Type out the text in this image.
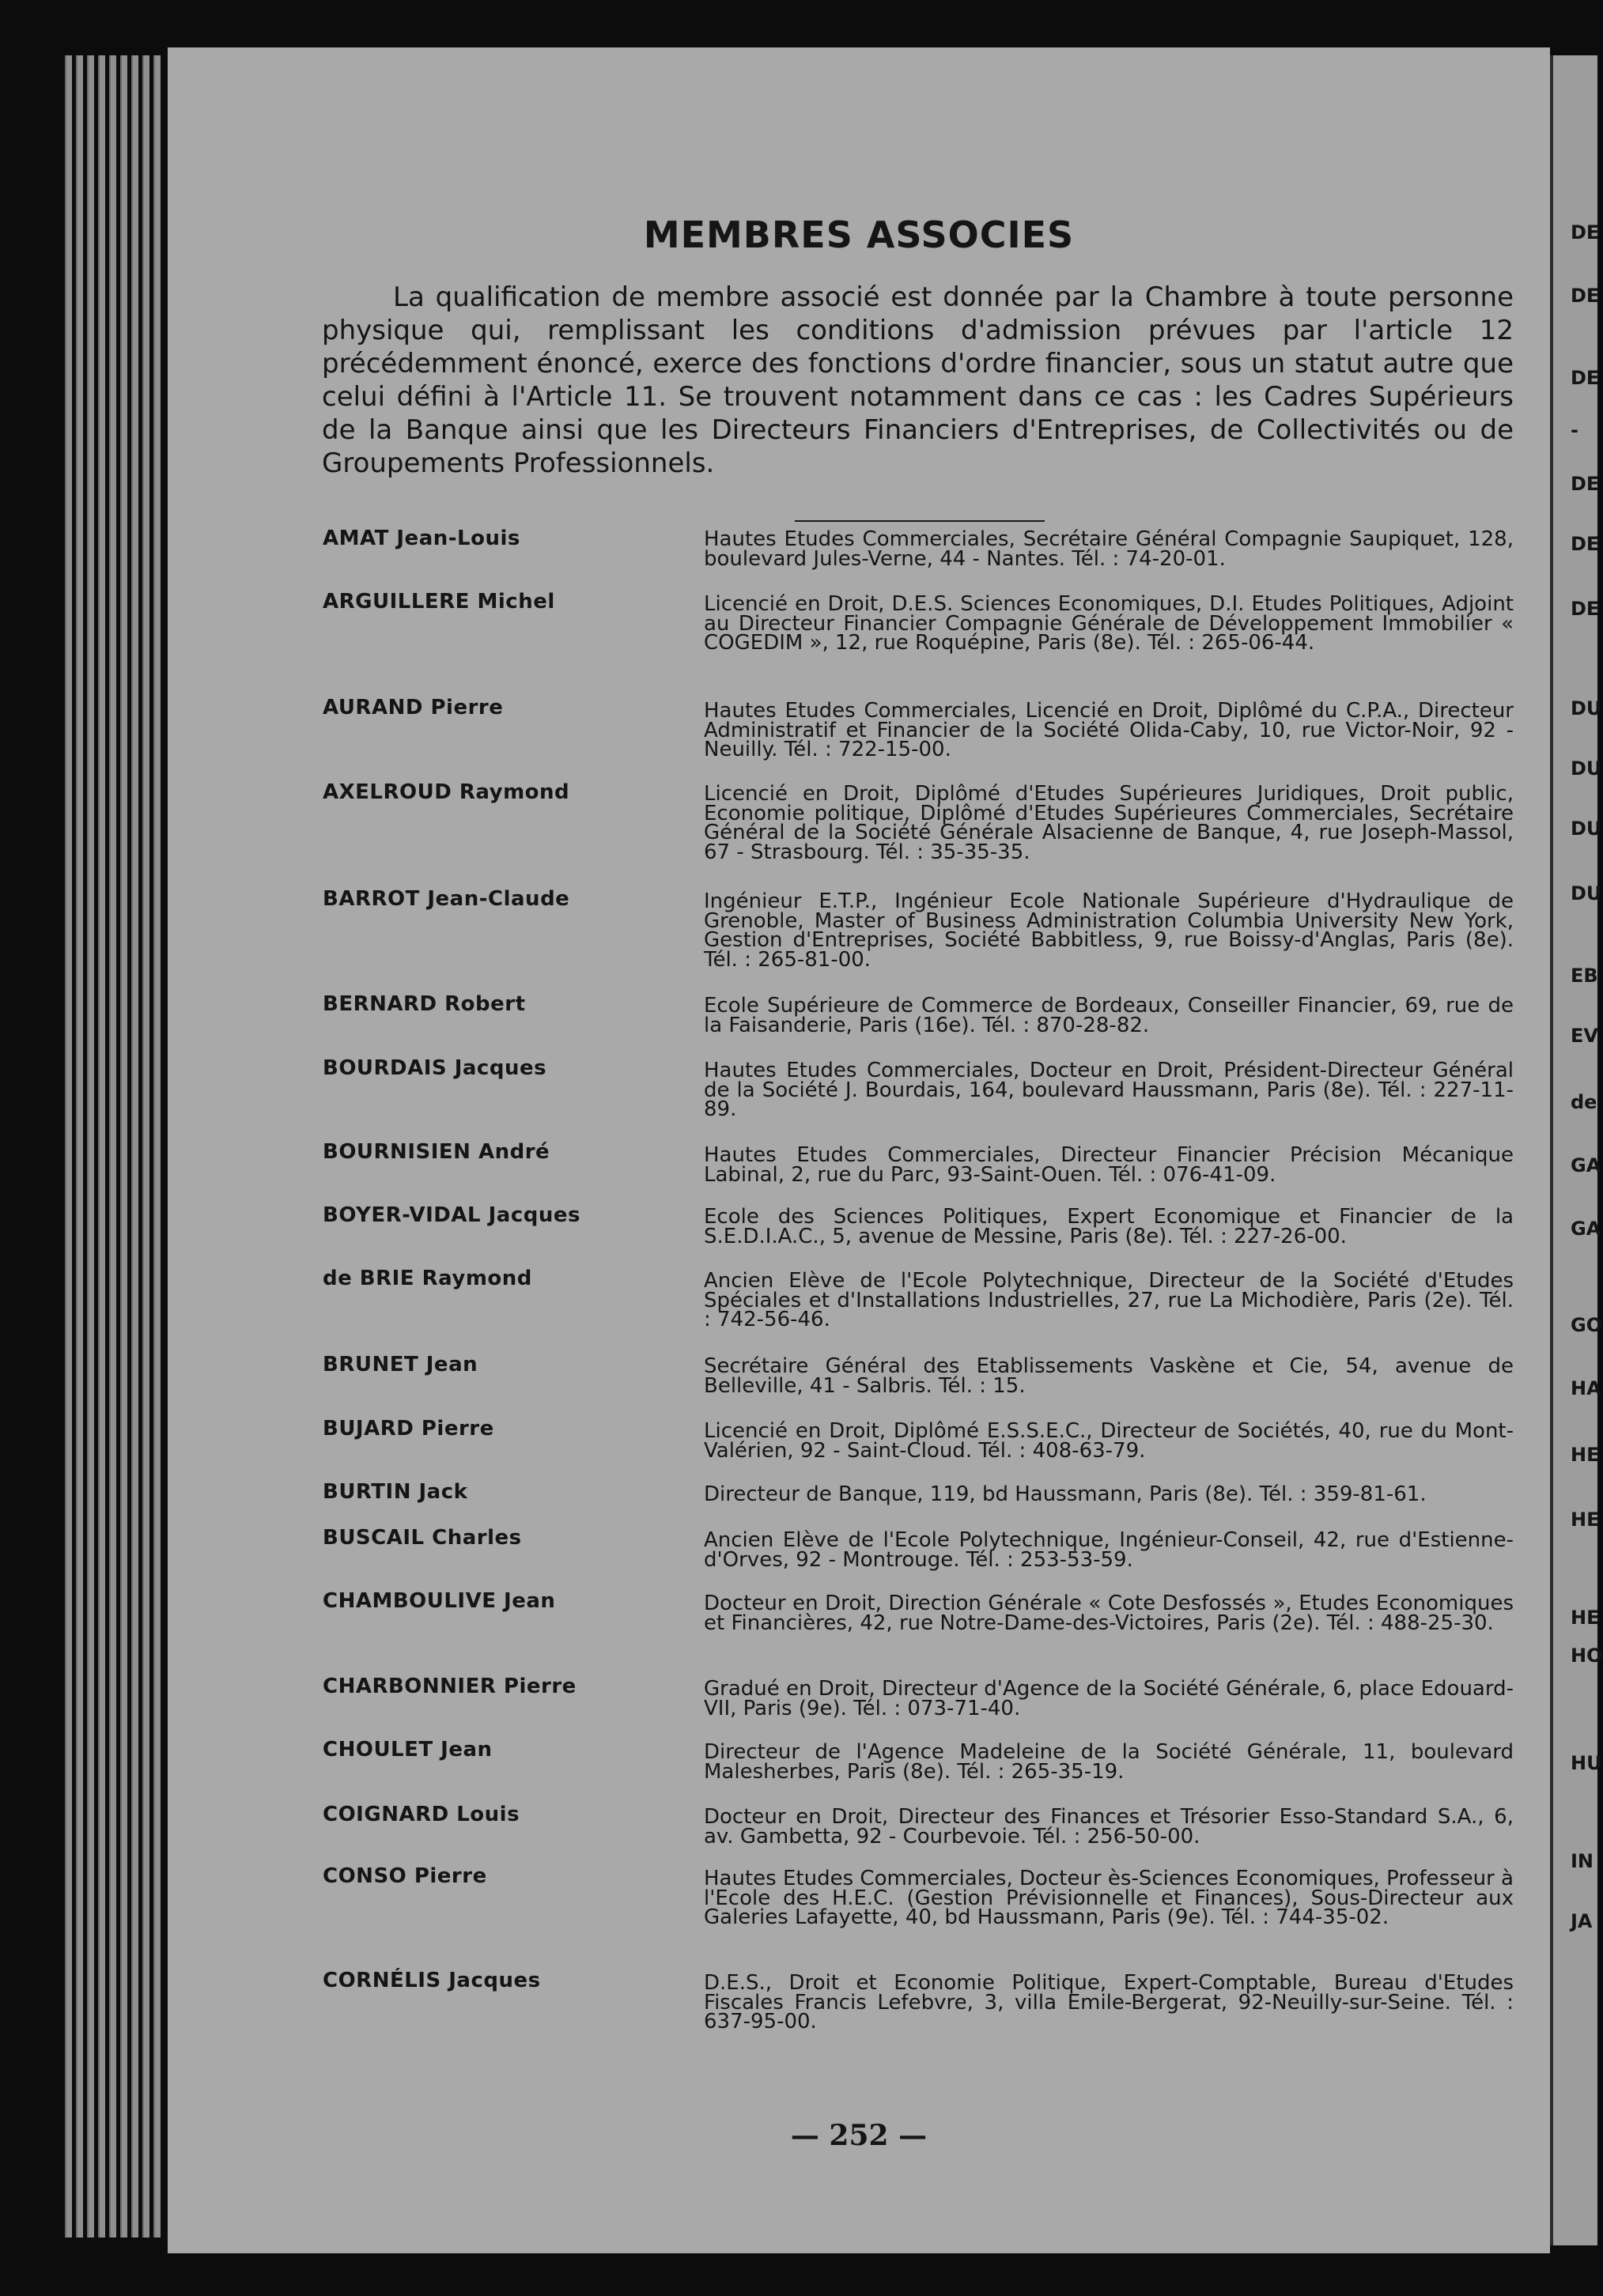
MEMBRES ASSOCIES
La qualification de membre associé est donnée par la Chambre à toute personne physique qui, remplissant les conditions d'admission prévues par l'article 12 précédemment énoncé, exerce des fonctions d'ordre financier, sous un statut autre que celui défini à l'Article 11. Se trouvent notamment dans ce cas : les Cadres Supérieurs de la Banque ainsi que les Directeurs Financiers d'Entreprises, de Collectivités ou de Groupements Professionnels.
AMAT Jean-Louis	Hautes Etudes Commerciales, Secrétaire Général Compagnie Saupiquet, 128, boulevard Jules-Verne, 44 - Nantes. Tél. : 74-20-01.
ARGUILLERE Michel	Licencié en Droit, D.E.S. Sciences Economiques, D.I. Etudes Politiques, Adjoint au Directeur Financier Compagnie Générale de Développement Immobilier « COGEDIM », 12, rue Roquépine, Paris (8e). Tél. : 265-06-44.
AURAND Pierre	Hautes Etudes Commerciales, Licencié en Droit, Diplômé du C.P.A., Directeur Administratif et Financier de la Société Olida-Caby, 10, rue Victor-Noir, 92 - Neuilly. Tél. : 722-15-00.
AXELROUD Raymond	Licencié en Droit, Diplômé d'Etudes Supérieures Juridiques, Droit public, Economie politique, Diplômé d'Etudes Supérieures Commerciales, Secrétaire Général de la Société Générale Alsacienne de Banque, 4, rue Joseph-Massol, 67 - Strasbourg. Tél. : 35-35-35.
BARROT Jean-Claude	Ingénieur E.T.P., Ingénieur Ecole Nationale Supérieure d'Hydraulique de Grenoble, Master of Business Administration Columbia University New York, Gestion d'Entreprises, Société Babbitless, 9, rue Boissy-d'Anglas, Paris (8e). Tél. : 265-81-00.
BERNARD Robert	Ecole Supérieure de Commerce de Bordeaux, Conseiller Financier, 69, rue de la Faisanderie, Paris (16e). Tél. : 870-28-82.
BOURDAIS Jacques	Hautes Etudes Commerciales, Docteur en Droit, Président-Directeur Général de la Société J. Bourdais, 164, boulevard Haussmann, Paris (8e). Tél. : 227-11-89.
BOURNISIEN André	Hautes Etudes Commerciales, Directeur Financier Précision Mécanique Labinal, 2, rue du Parc, 93-Saint-Ouen. Tél. : 076-41-09.
BOYER-VIDAL Jacques	Ecole des Sciences Politiques, Expert Economique et Financier de la S.E.D.I.A.C., 5, avenue de Messine, Paris (8e). Tél. : 227-26-00.
de BRIE Raymond	Ancien Elève de l'Ecole Polytechnique, Directeur de la Société d'Etudes Spéciales et d'Installations Industrielles, 27, rue La Michodière, Paris (2e). Tél. : 742-56-46.
BRUNET Jean	Secrétaire Général des Etablissements Vaskène et Cie, 54, avenue de Belleville, 41 - Salbris. Tél. : 15.
BUJARD Pierre	Licencié en Droit, Diplômé E.S.S.E.C., Directeur de Sociétés, 40, rue du Mont-Valérien, 92 - Saint-Cloud. Tél. : 408-63-79.
BURTIN Jack	Directeur de Banque, 119, bd Haussmann, Paris (8e). Tél. : 359-81-61.
BUSCAIL Charles	Ancien Elève de l'Ecole Polytechnique, Ingénieur-Conseil, 42, rue d'Estienne-d'Orves, 92 - Montrouge. Tél. : 253-53-59.
CHAMBOULIVE Jean	Docteur en Droit, Direction Générale « Cote Desfossés », Etudes Economiques et Financières, 42, rue Notre-Dame-des-Victoires, Paris (2e). Tél. : 488-25-30.
CHARBONNIER Pierre	Gradué en Droit, Directeur d'Agence de la Société Générale, 6, place Edouard-VII, Paris (9e). Tél. : 073-71-40.
CHOULET Jean	Directeur de l'Agence Madeleine de la Société Générale, 11, boulevard Malesherbes, Paris (8e). Tél. : 265-35-19.
COIGNARD Louis	Docteur en Droit, Directeur des Finances et Trésorier Esso-Standard S.A., 6, av. Gambetta, 92 - Courbevoie. Tél. : 256-50-00.
CONSO Pierre	Hautes Etudes Commerciales, Docteur ès-Sciences Economiques, Professeur à l'Ecole des H.E.C. (Gestion Prévisionnelle et Finances), Sous-Directeur aux Galeries Lafayette, 40, bd Haussmann, Paris (9e). Tél. : 744-35-02.
CORNÉLIS Jacques	D.E.S., Droit et Economie Politique, Expert-Comptable, Bureau d'Etudes Fiscales Francis Lefebvre, 3, villa Emile-Bergerat, 92-Neuilly-sur-Seine. Tél. : 637-95-00.
— 252 —
DE
DE
DE
-
DE
DE
DE
DU
DU
DU
DU
EB
EV
de
GA
GA
GO
HA
HE
HE
HE
HO
HU
IN
JA
